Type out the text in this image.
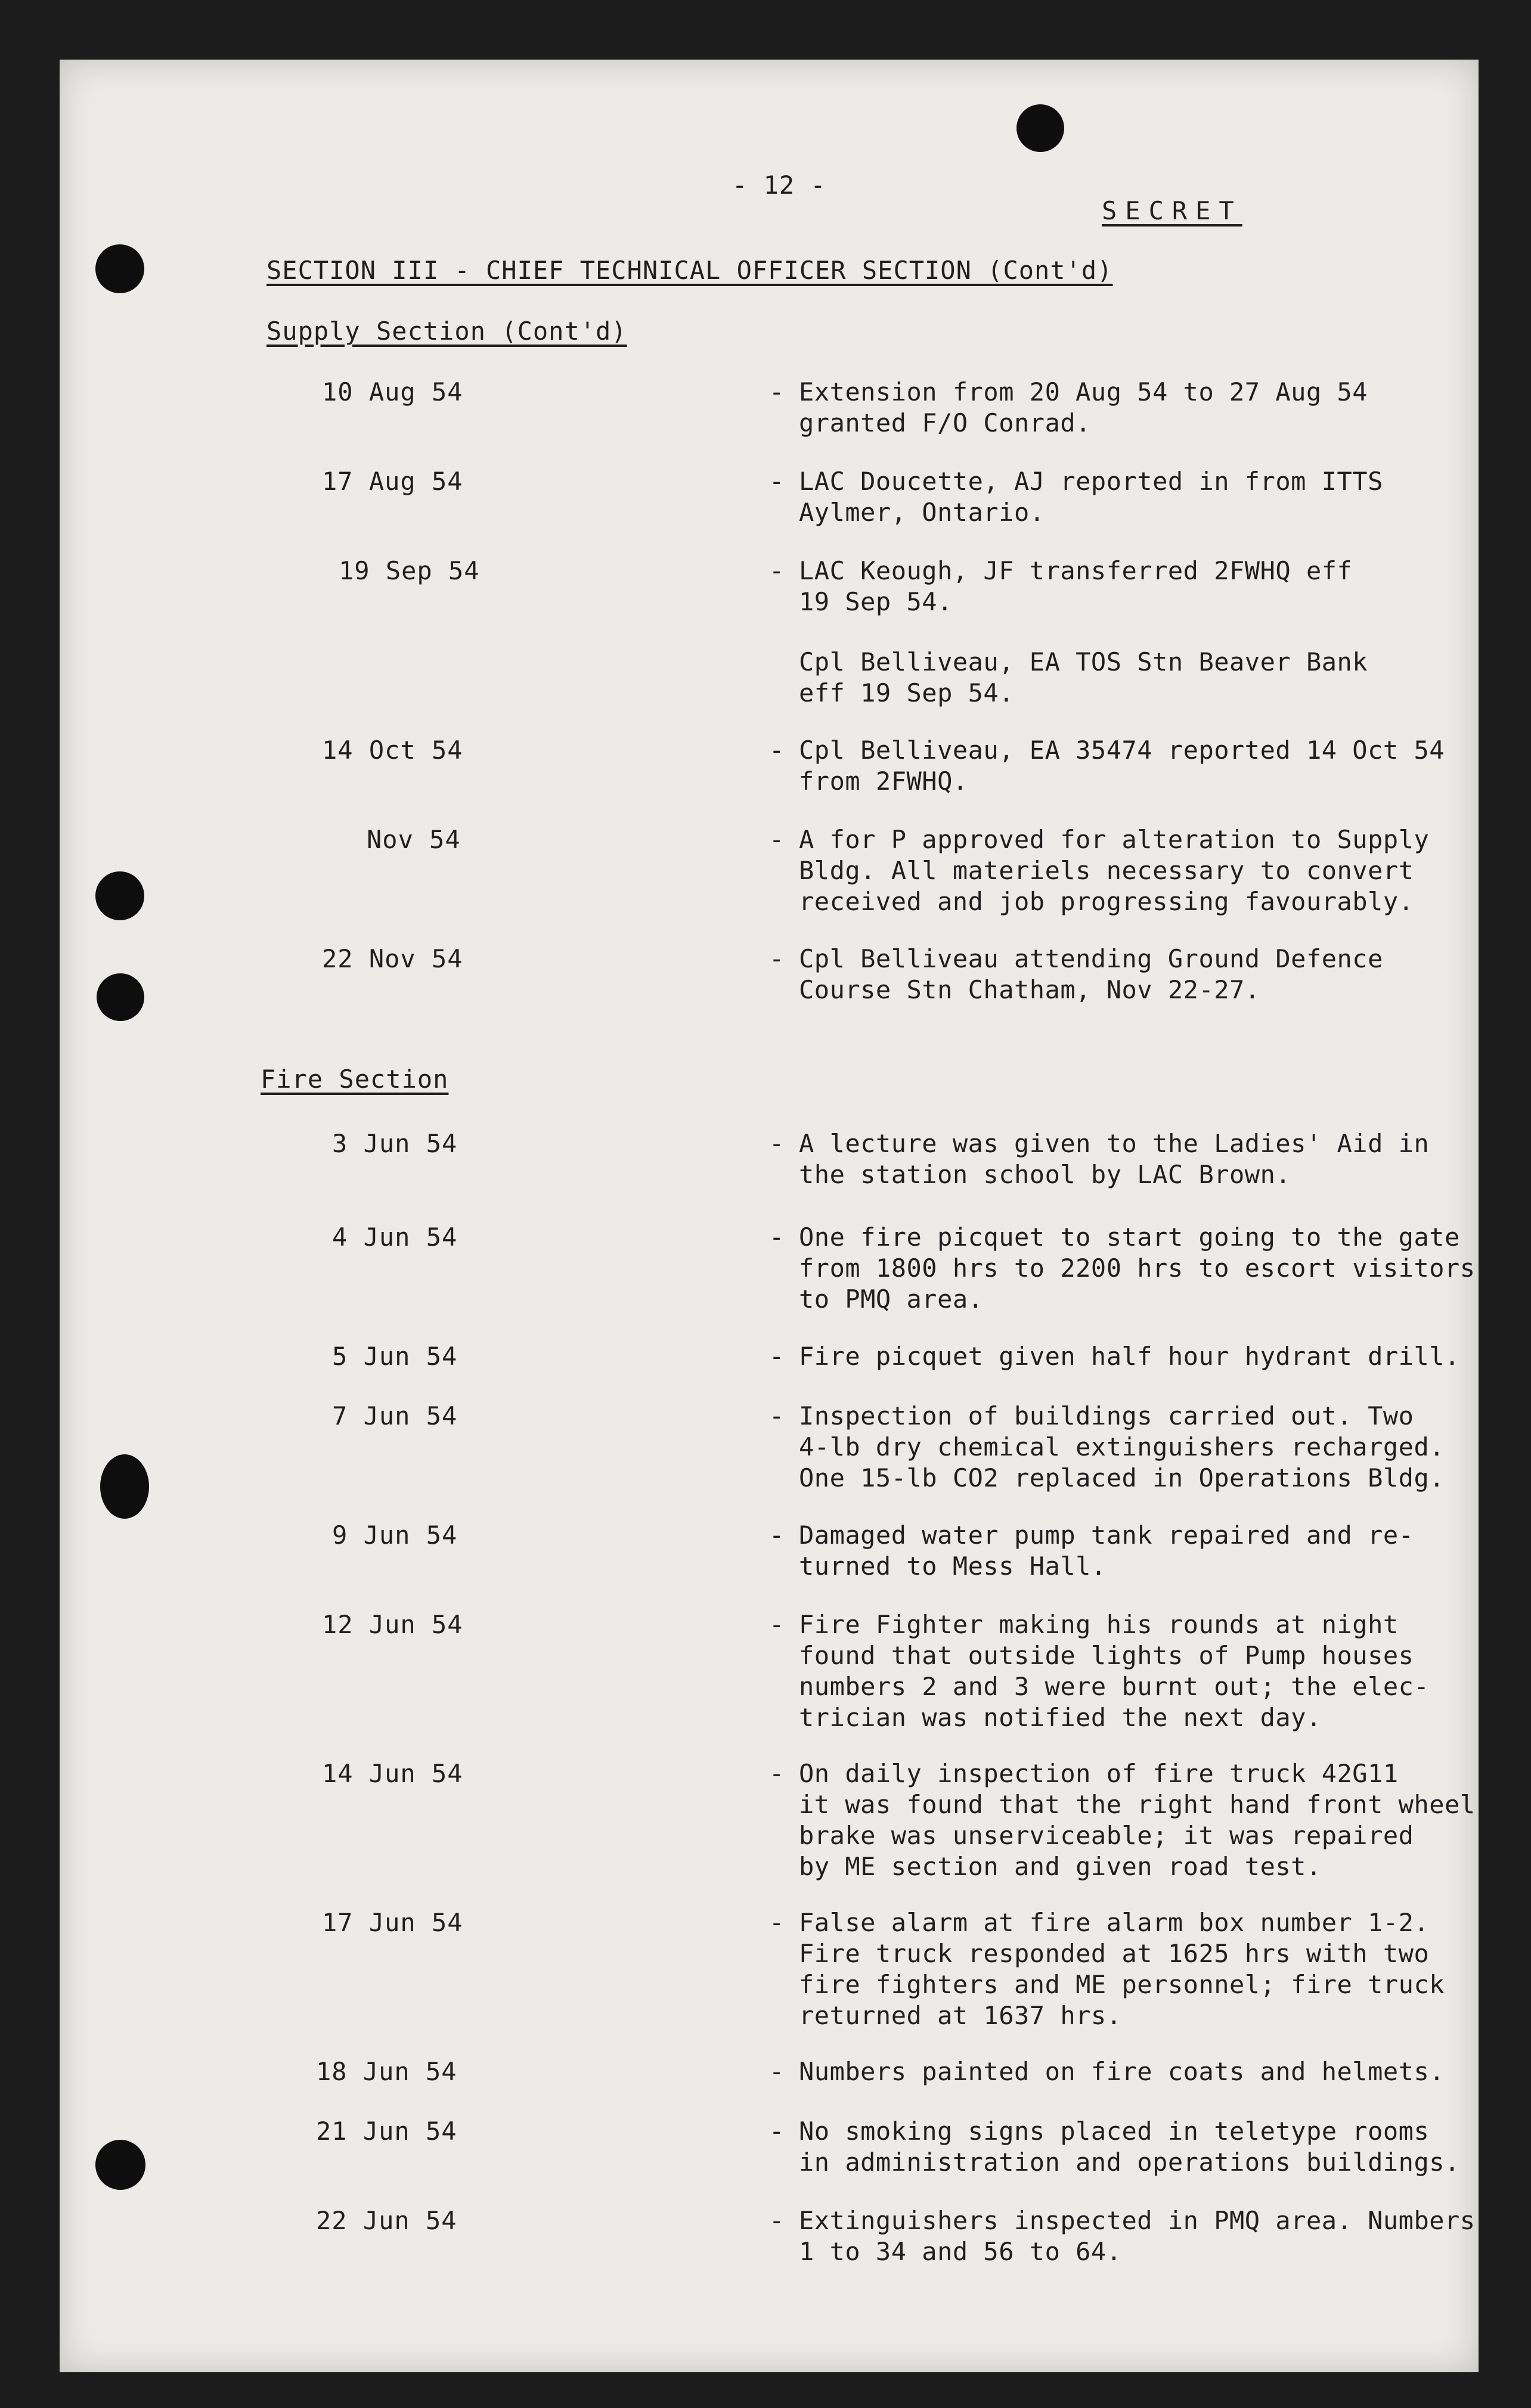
- 12 -
SECRET
SECTION III - CHIEF TECHNICAL OFFICER SECTION (Cont'd)
Supply Section (Cont'd)
10 Aug 54	- Extension from 20 Aug 54 to 27 Aug 54
granted F/O Conrad.
17 Aug 54	- LAC Doucette, AJ reported in from ITTS
Aylmer, Ontario.
19 Sep 54	- LAC Keough, JF transferred 2FWHQ eff
19 Sep 54.
Cpl Belliveau, EA TOS Stn Beaver Bank
eff 19 Sep 54.
14 Oct 54	- Cpl Belliveau, EA 35474 reported 14 Oct 54
from 2FWHQ.
Nov 54	- A for P approved for alteration to Supply
Bldg. All materiels necessary to convert
received and job progressing favourably.
22 Nov 54	- Cpl Belliveau attending Ground Defence
Course Stn Chatham, Nov 22-27.
Fire Section
3 Jun 54	- A lecture was given to the Ladies' Aid in
the station school by LAC Brown.
4 Jun 54	- One fire picquet to start going to the gate
from 1800 hrs to 2200 hrs to escort visitors
to PMQ area.
5 Jun 54	- Fire picquet given half hour hydrant drill.
7 Jun 54	- Inspection of buildings carried out. Two
4-lb dry chemical extinguishers recharged.
One 15-lb CO2 replaced in Operations Bldg.
9 Jun 54	- Damaged water pump tank repaired and re-
turned to Mess Hall.
12 Jun 54	- Fire Fighter making his rounds at night
found that outside lights of Pump houses
numbers 2 and 3 were burnt out; the elec-
trician was notified the next day.
14 Jun 54	- On daily inspection of fire truck 42G11
it was found that the right hand front wheel
brake was unserviceable; it was repaired
by ME section and given road test.
17 Jun 54	- False alarm at fire alarm box number 1-2.
Fire truck responded at 1625 hrs with two
fire fighters and ME personnel; fire truck
returned at 1637 hrs.
18 Jun 54	- Numbers painted on fire coats and helmets.
21 Jun 54	- No smoking signs placed in teletype rooms
in administration and operations buildings.
22 Jun 54	- Extinguishers inspected in PMQ area. Numbers
1 to 34 and 56 to 64.
